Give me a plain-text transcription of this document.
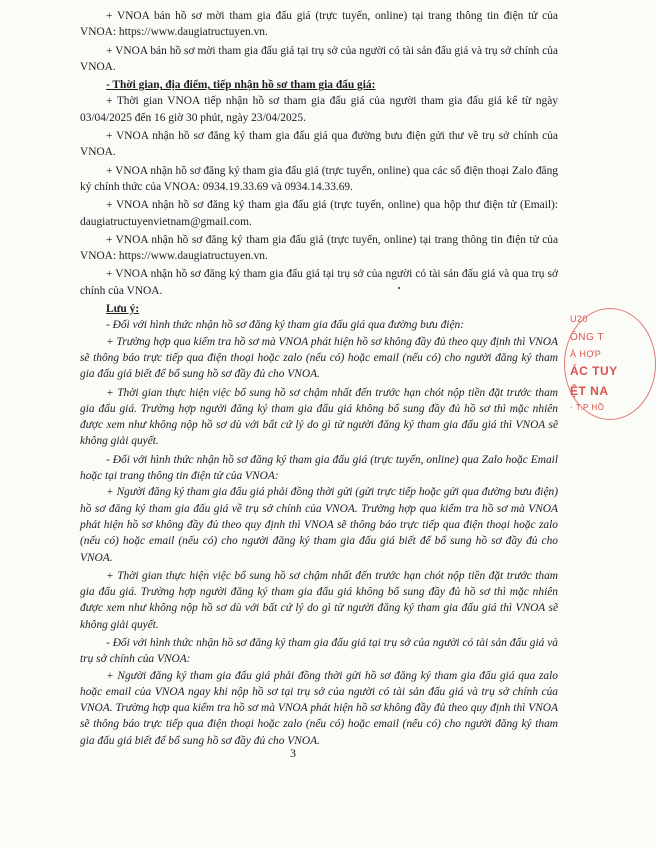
+ VNOA bán hồ sơ mời tham gia đấu giá (trực tuyến, online) tại trang thông tin điện tử của VNOA: https://www.daugiatructuyen.vn.

+ VNOA bán hồ sơ mời tham gia đấu giá tại trụ sở của người có tài sản đấu giá và trụ sở chính của VNOA.

- Thời gian, địa điểm, tiếp nhận hồ sơ tham gia đấu giá:

+ Thời gian VNOA tiếp nhận hồ sơ tham gia đấu giá của người tham gia đấu giá kể từ ngày 03/04/2025 đến 16 giờ 30 phút, ngày 23/04/2025.

+ VNOA nhận hồ sơ đăng ký tham gia đấu giá qua đường bưu điện gửi thư về trụ sở chính của VNOA.

+ VNOA nhận hồ sơ đăng ký tham gia đấu giá (trực tuyến, online) qua các số điện thoại Zalo đăng ký chính thức của VNOA: 0934.19.33.69 và 0934.14.33.69.

+ VNOA nhận hồ sơ đăng ký tham gia đấu giá (trực tuyến, online) qua hộp thư điện tử (Email): daugiatructuyenvietnam@gmail.com.

+ VNOA nhận hồ sơ đăng ký tham gia đấu giá (trực tuyến, online) tại trang thông tin điện tử của VNOA: https://www.daugiatructuyen.vn.

+ VNOA nhận hồ sơ đăng ký tham gia đấu giá tại trụ sở của người có tài sản đấu giá và qua trụ sở chính của VNOA.

Lưu ý:

- Đối với hình thức nhận hồ sơ đăng ký tham gia đấu giá qua đường bưu điện:

+ Trường hợp qua kiểm tra hồ sơ mà VNOA phát hiện hồ sơ không đầy đủ theo quy định thì VNOA sẽ thông báo trực tiếp qua điện thoại hoặc zalo (nếu có) hoặc email (nếu có) cho người đăng ký tham gia đấu giá biết để bổ sung hồ sơ đầy đủ cho VNOA.

+ Thời gian thực hiện việc bổ sung hồ sơ chậm nhất đến trước hạn chót nộp tiền đặt trước tham gia đấu giá. Trường hợp người đăng ký tham gia đấu giá không bổ sung đầy đủ hồ sơ thì mặc nhiên được xem như không nộp hồ sơ dù với bất cứ lý do gì từ người đăng ký tham gia đấu giá thì VNOA sẽ không giải quyết.

- Đối với hình thức nhận hồ sơ đăng ký tham gia đấu giá (trực tuyến, online) qua Zalo hoặc Email hoặc tại trang thông tin điện tử của VNOA:

+ Người đăng ký tham gia đấu giá phải đồng thời gửi (gửi trực tiếp hoặc gửi qua đường bưu điện) hồ sơ đăng ký tham gia đấu giá về trụ sở chính của VNOA. Trường hợp qua kiểm tra hồ sơ mà VNOA phát hiện hồ sơ không đầy đủ theo quy định thì VNOA sẽ thông báo trực tiếp qua điện thoại hoặc zalo (nếu có) hoặc email (nếu có) cho người đăng ký tham gia đấu giá biết để bổ sung hồ sơ đầy đủ cho VNOA.

+ Thời gian thực hiện việc bổ sung hồ sơ chậm nhất đến trước hạn chót nộp tiền đặt trước tham gia đấu giá. Trường hợp người đăng ký tham gia đấu giá không bổ sung đầy đủ hồ sơ thì mặc nhiên được xem như không nộp hồ sơ dù với bất cứ lý do gì từ người đăng ký tham gia đấu giá thì VNOA sẽ không giải quyết.

- Đối với hình thức nhận hồ sơ đăng ký tham gia đấu giá tại trụ sở của người có tài sản đấu giá và trụ sở chính của VNOA:

+ Người đăng ký tham gia đấu giá phải đồng thời gửi hồ sơ đăng ký tham gia đấu giá qua zalo hoặc email của VNOA ngay khi nộp hồ sơ tại trụ sở của người có tài sản đấu giá và trụ sở chính của VNOA. Trường hợp qua kiểm tra hồ sơ mà VNOA phát hiện hồ sơ không đầy đủ theo quy định thì VNOA sẽ thông báo trực tiếp qua điện thoại hoặc zalo (nếu có) hoặc email (nếu có) cho người đăng ký tham gia đấu giá biết để bổ sung hồ sơ đầy đủ cho VNOA.

U20
ÔNG T
Á HỢP
ÁC TUY
ỆT NA
- T.P HỒ
3
